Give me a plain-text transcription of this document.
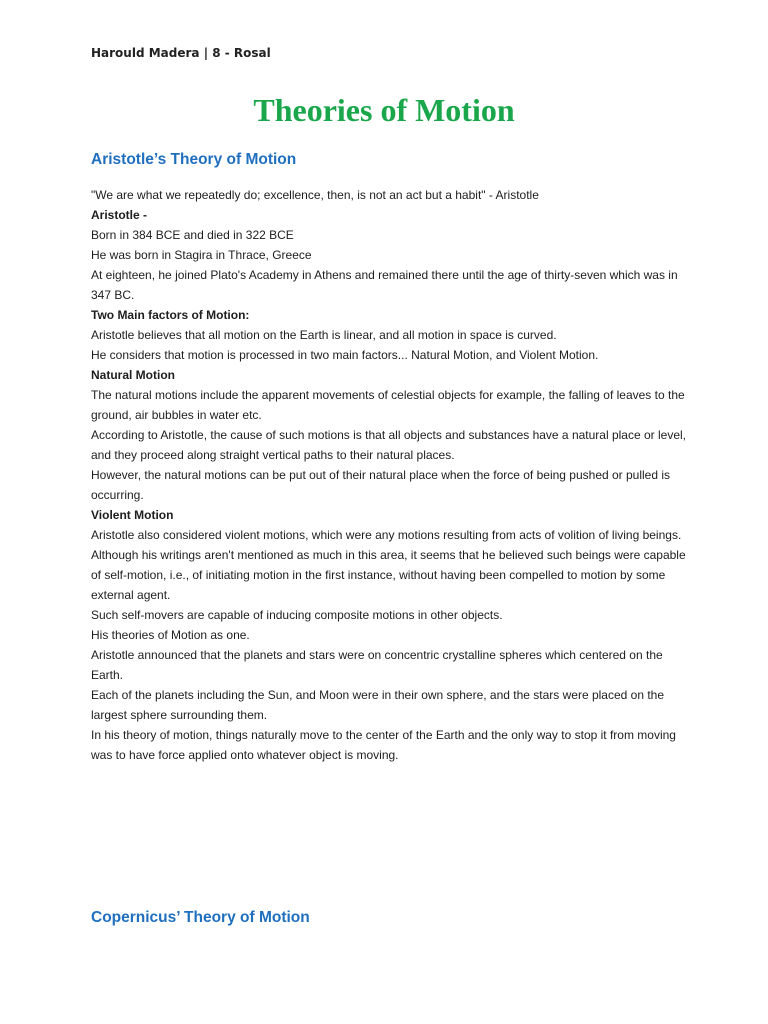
Harould Madera | 8 - Rosal
Theories of Motion
Aristotle’s Theory of Motion

"We are what we repeatedly do; excellence, then, is not an act but a habit" - Aristotle

Aristotle -

Born in 384 BCE and died in 322 BCE

He was born in Stagira in Thrace, Greece

At eighteen, he joined Plato's Academy in Athens and remained there until the age of thirty-seven which was in 347 BC.

Two Main factors of Motion:

Aristotle believes that all motion on the Earth is linear, and all motion in space is curved.

He considers that motion is processed in two main factors... Natural Motion, and Violent Motion.

Natural Motion

The natural motions include the apparent movements of celestial objects for example, the falling of leaves to the ground, air bubbles in water etc.

According to Aristotle, the cause of such motions is that all objects and substances have a natural place or level, and they proceed along straight vertical paths to their natural places.

However, the natural motions can be put out of their natural place when the force of being pushed or pulled is occurring.

Violent Motion

Aristotle also considered violent motions, which were any motions resulting from acts of volition of living beings.

Although his writings aren't mentioned as much in this area, it seems that he believed such beings were capable of self-motion, i.e., of initiating motion in the first instance, without having been compelled to motion by some external agent.

Such self-movers are capable of inducing composite motions in other objects.

His theories of Motion as one.

Aristotle announced that the planets and stars were on concentric crystalline spheres which centered on the Earth.

Each of the planets including the Sun, and Moon were in their own sphere, and the stars were placed on the largest sphere surrounding them.

In his theory of motion, things naturally move to the center of the Earth and the only way to stop it from moving was to have force applied onto whatever object is moving.

Copernicus’ Theory of Motion
